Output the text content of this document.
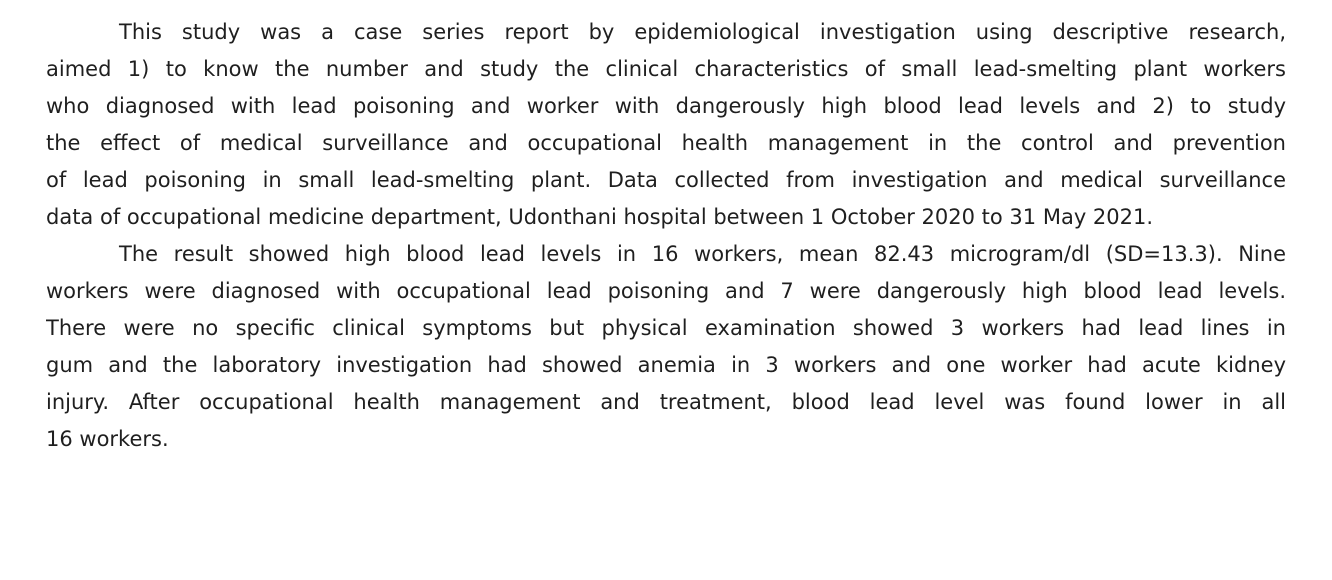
This study was a case series report by epidemiological investigation using descriptive research,
aimed 1) to know the number and study the clinical characteristics of small lead-smelting plant workers
who diagnosed with lead poisoning and worker with dangerously high blood lead levels and 2) to study
the effect of medical surveillance and occupational health management in the control and prevention
of lead poisoning in small lead-smelting plant. Data collected from investigation and medical surveillance
data of occupational medicine department, Udonthani hospital between 1 October 2020 to 31 May 2021.
The result showed high blood lead levels in 16 workers, mean 82.43 microgram/dl (SD=13.3). Nine
workers were diagnosed with occupational lead poisoning and 7 were dangerously high blood lead levels.
There were no specific clinical symptoms but physical examination showed 3 workers had lead lines in
gum and the laboratory investigation had showed anemia in 3 workers and one worker had acute kidney
injury. After occupational health management and treatment, blood lead level was found lower in all
16 workers.
